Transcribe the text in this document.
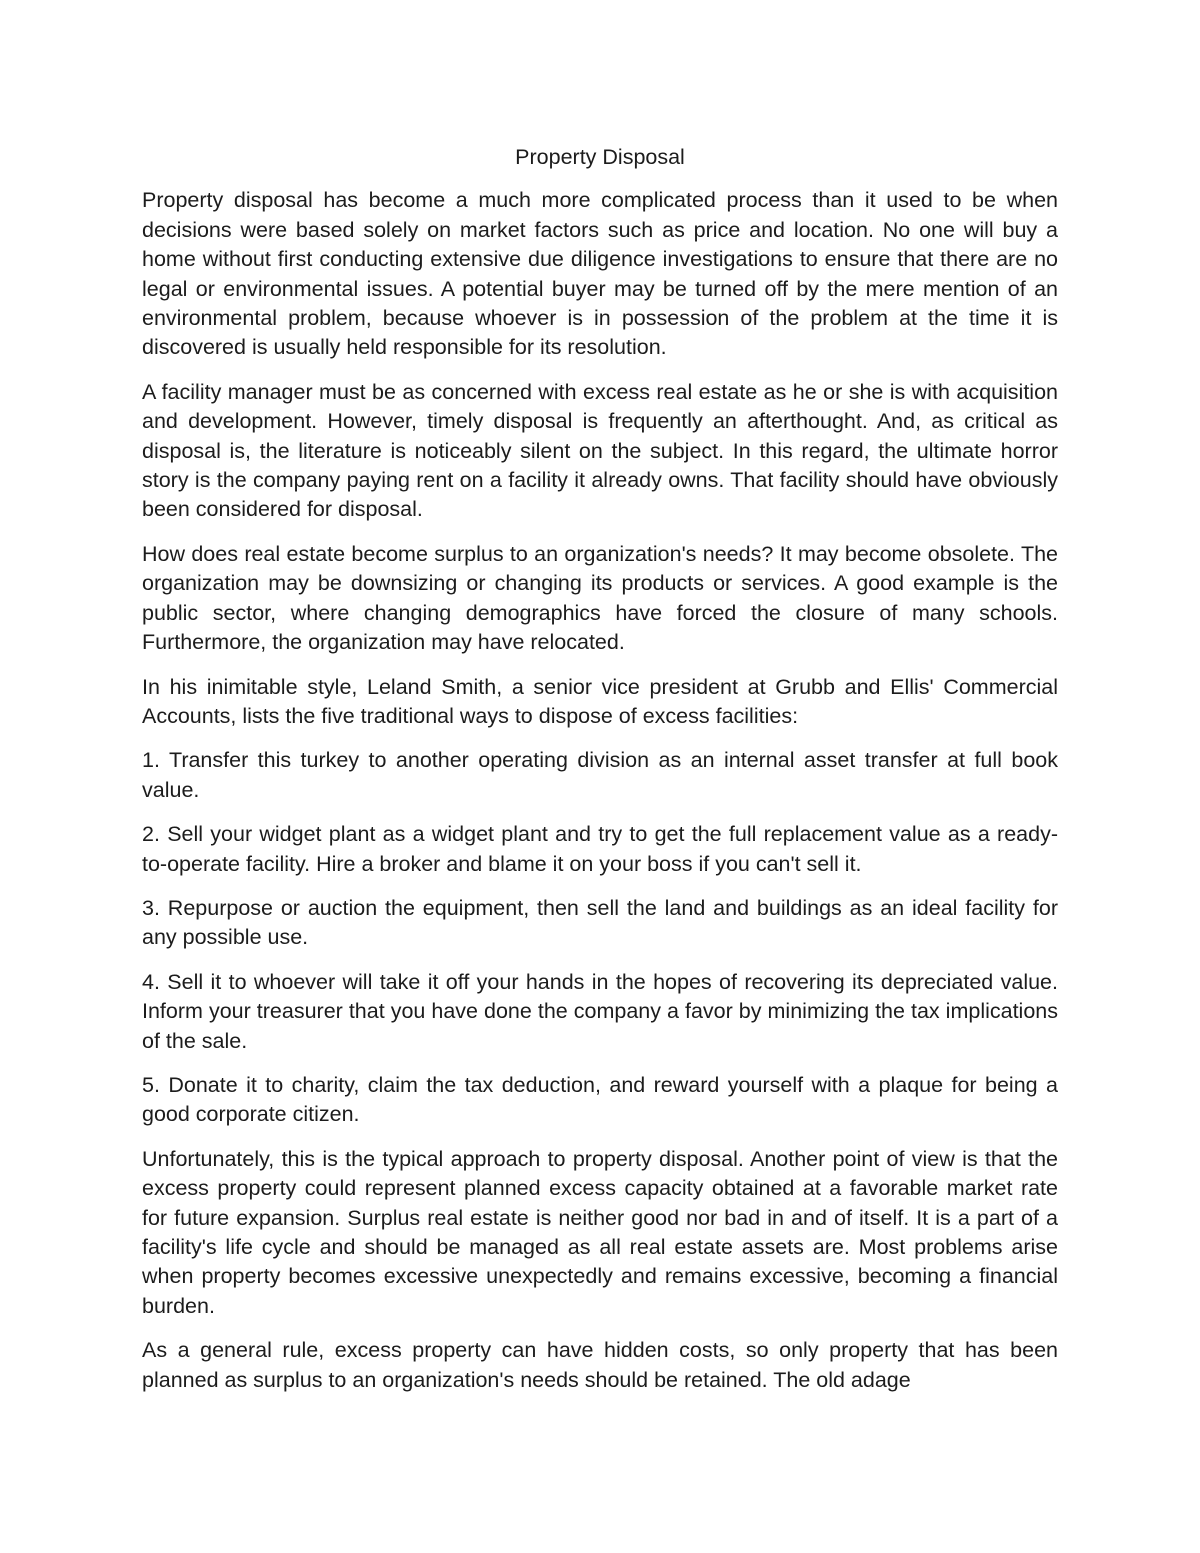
Property Disposal

Property disposal has become a much more complicated process than it used to be when decisions were based solely on market factors such as price and location. No one will buy a home without first conducting extensive due diligence investigations to ensure that there are no legal or environmental issues. A potential buyer may be turned off by the mere mention of an environmental problem, because whoever is in possession of the problem at the time it is discovered is usually held responsible for its resolution.

A facility manager must be as concerned with excess real estate as he or she is with acquisition and development. However, timely disposal is frequently an afterthought. And, as critical as disposal is, the literature is noticeably silent on the subject. In this regard, the ultimate horror story is the company paying rent on a facility it already owns. That facility should have obviously been considered for disposal.

How does real estate become surplus to an organization's needs? It may become obsolete. The organization may be downsizing or changing its products or services. A good example is the public sector, where changing demographics have forced the closure of many schools. Furthermore, the organization may have relocated.

In his inimitable style, Leland Smith, a senior vice president at Grubb and Ellis' Commercial Accounts, lists the five traditional ways to dispose of excess facilities:

1. Transfer this turkey to another operating division as an internal asset transfer at full book value.

2. Sell your widget plant as a widget plant and try to get the full replacement value as a ready-to-operate facility. Hire a broker and blame it on your boss if you can't sell it.

3. Repurpose or auction the equipment, then sell the land and buildings as an ideal facility for any possible use.

4. Sell it to whoever will take it off your hands in the hopes of recovering its depreciated value. Inform your treasurer that you have done the company a favor by minimizing the tax implications of the sale.

5. Donate it to charity, claim the tax deduction, and reward yourself with a plaque for being a good corporate citizen.

Unfortunately, this is the typical approach to property disposal. Another point of view is that the excess property could represent planned excess capacity obtained at a favorable market rate for future expansion. Surplus real estate is neither good nor bad in and of itself. It is a part of a facility's life cycle and should be managed as all real estate assets are. Most problems arise when property becomes excessive unexpectedly and remains excessive, becoming a financial burden.

As a general rule, excess property can have hidden costs, so only property that has been planned as surplus to an organization's needs should be retained. The old adage
